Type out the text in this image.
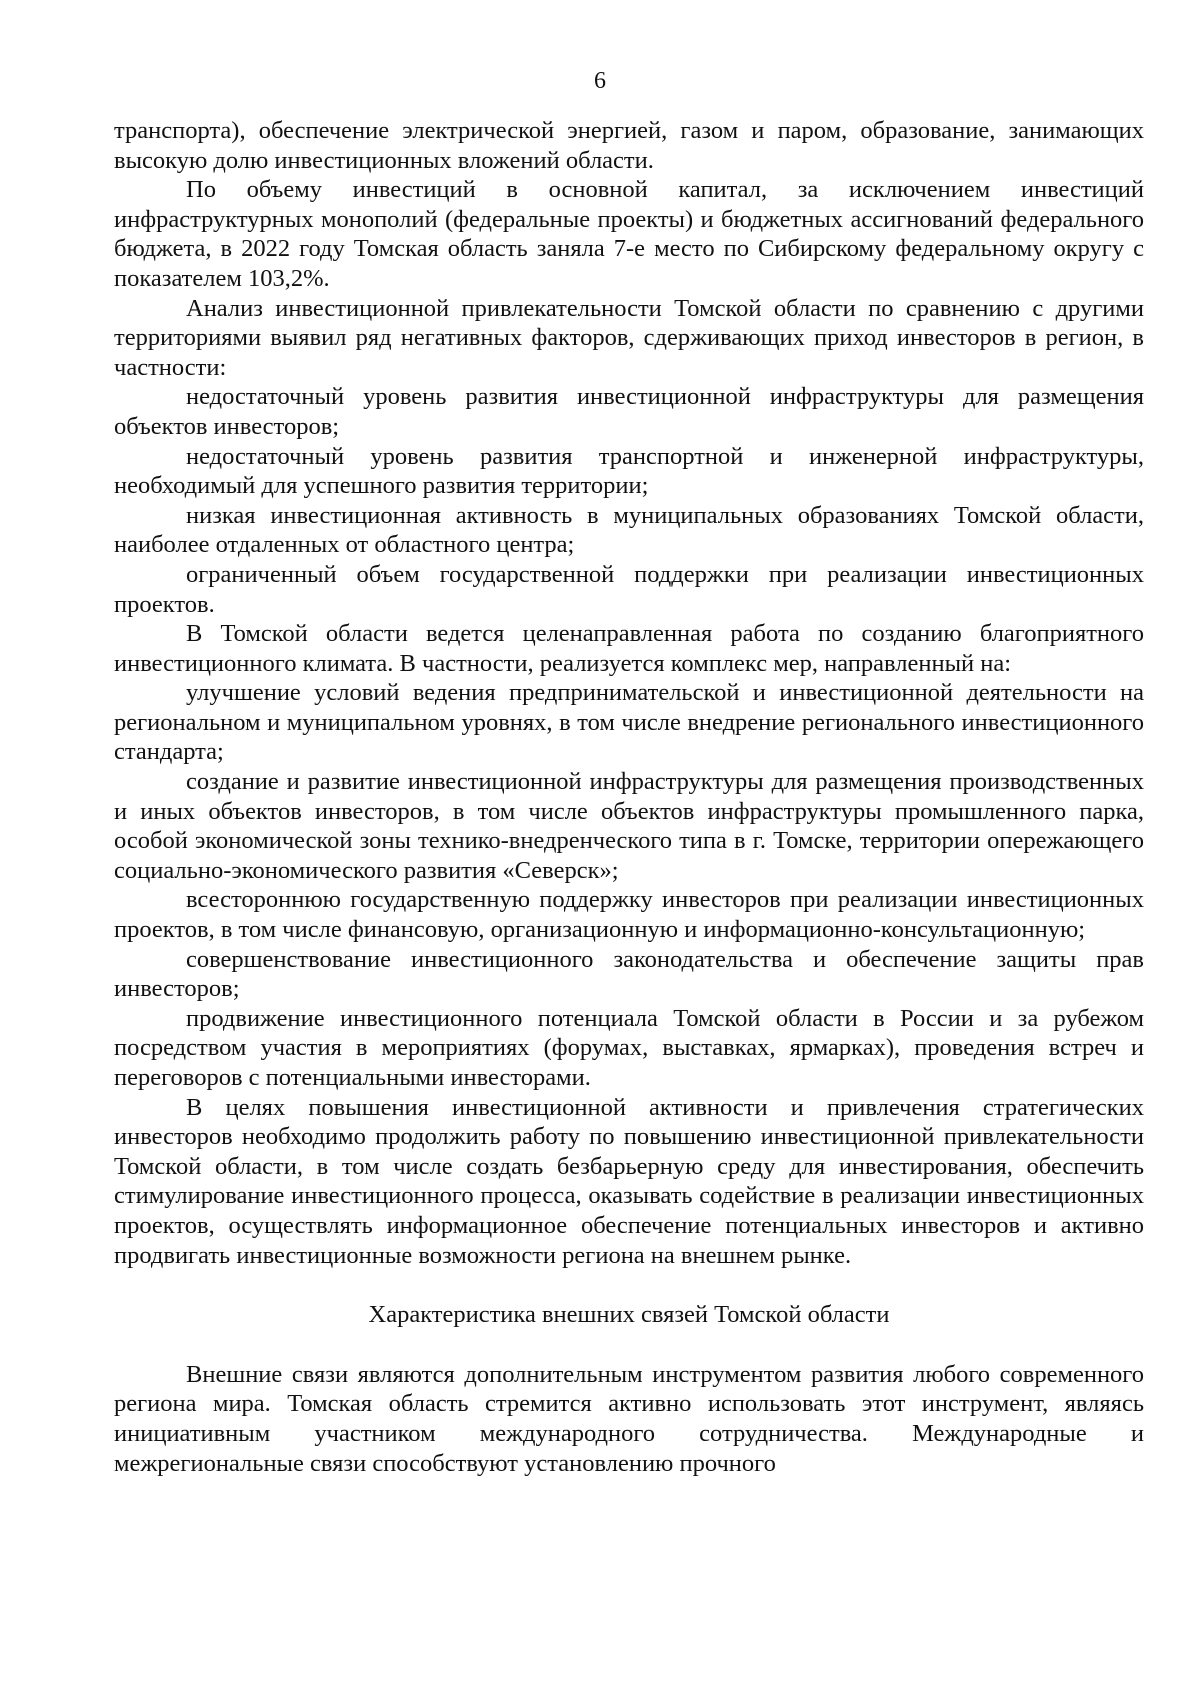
6

транспорта), обеспечение электрической энергией, газом и паром, образование, занимающих высокую долю инвестиционных вложений области.

По объему инвестиций в основной капитал, за исключением инвестиций инфраструктурных монополий (федеральные проекты) и бюджетных ассигнований федерального бюджета, в 2022 году Томская область заняла 7-е место по Сибирскому федеральному округу с показателем 103,2%.

Анализ инвестиционной привлекательности Томской области по сравнению с другими территориями выявил ряд негативных факторов, сдерживающих приход инвесторов в регион, в частности:

недостаточный уровень развития инвестиционной инфраструктуры для размещения объектов инвесторов;

недостаточный уровень развития транспортной и инженерной инфраструктуры, необходимый для успешного развития территории;

низкая инвестиционная активность в муниципальных образованиях Томской области, наиболее отдаленных от областного центра;

ограниченный объем государственной поддержки при реализации инвестиционных проектов.

В Томской области ведется целенаправленная работа по созданию благоприятного инвестиционного климата. В частности, реализуется комплекс мер, направленный на:

улучшение условий ведения предпринимательской и инвестиционной деятельности на региональном и муниципальном уровнях, в том числе внедрение регионального инвестиционного стандарта;

создание и развитие инвестиционной инфраструктуры для размещения производственных и иных объектов инвесторов, в том числе объектов инфраструктуры промышленного парка, особой экономической зоны технико-внедренческого типа в г. Томске, территории опережающего социально-экономического развития «Северск»;

всестороннюю государственную поддержку инвесторов при реализации инвестиционных проектов, в том числе финансовую, организационную и информационно-консультационную;

совершенствование инвестиционного законодательства и обеспечение защиты прав инвесторов;

продвижение инвестиционного потенциала Томской области в России и за рубежом посредством участия в мероприятиях (форумах, выставках, ярмарках), проведения встреч и переговоров с потенциальными инвесторами.

В целях повышения инвестиционной активности и привлечения стратегических инвесторов необходимо продолжить работу по повышению инвестиционной привлекательности Томской области, в том числе создать безбарьерную среду для инвестирования, обеспечить стимулирование инвестиционного процесса, оказывать содействие в реализации инвестиционных проектов, осуществлять информационное обеспечение потенциальных инвесторов и активно продвигать инвестиционные возможности региона на внешнем рынке.

Характеристика внешних связей Томской области

Внешние связи являются дополнительным инструментом развития любого современного региона мира. Томская область стремится активно использовать этот инструмент, являясь инициативным участником международного сотрудничества. Международные и межрегиональные связи способствуют установлению прочного
